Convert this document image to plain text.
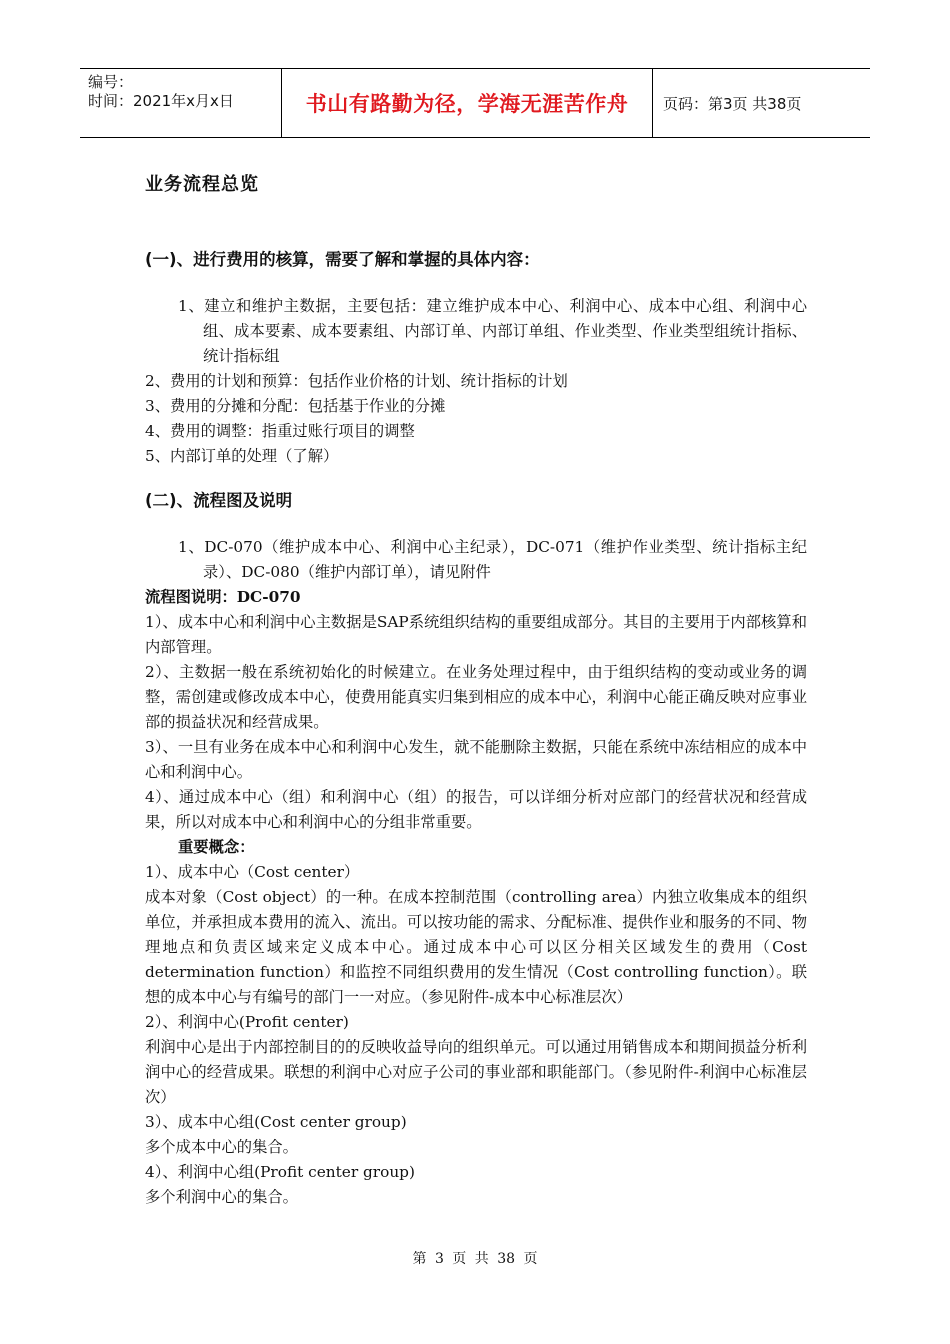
编号：
时间：2021年x月x日	书山有路勤为径，学海无涯苦作舟	页码：第3页 共38页
业务流程总览
(一)、进行费用的核算，需要了解和掌握的具体内容：

1、建立和维护主数据，主要包括：建立维护成本中心、利润中心、成本中心组、利润中心组、成本要素、成本要素组、内部订单、内部订单组、作业类型、作业类型组统计指标、统计指标组

2、费用的计划和预算：包括作业价格的计划、统计指标的计划

3、费用的分摊和分配：包括基于作业的分摊

4、费用的调整：指重过账行项目的调整

5、内部订单的处理（了解）

(二)、流程图及说明

1、DC-070（维护成本中心、利润中心主纪录），DC-071（维护作业类型、统计指标主纪录）、DC-080（维护内部订单），请见附件

流程图说明：DC-070

1）、成本中心和利润中心主数据是SAP系统组织结构的重要组成部分。其目的主要用于内部核算和内部管理。

2）、主数据一般在系统初始化的时候建立。在业务处理过程中，由于组织结构的变动或业务的调整，需创建或修改成本中心，使费用能真实归集到相应的成本中心，利润中心能正确反映对应事业部的损益状况和经营成果。

3）、一旦有业务在成本中心和利润中心发生，就不能删除主数据，只能在系统中冻结相应的成本中心和利润中心。

4）、通过成本中心（组）和利润中心（组）的报告，可以详细分析对应部门的经营状况和经营成果，所以对成本中心和利润中心的分组非常重要。

重要概念：

1）、成本中心（Cost center）

成本对象（Cost object）的一种。在成本控制范围（controlling area）内独立收集成本的组织单位，并承担成本费用的流入、流出。可以按功能的需求、分配标准、提供作业和服务的不同、物理地点和负责区域来定义成本中心。通过成本中心可以区分相关区域发生的费用（Cost determination function）和监控不同组织费用的发生情况（Cost controlling function）。联想的成本中心与有编号的部门一一对应。（参见附件-成本中心标准层次）

2）、利润中心(Profit center)

利润中心是出于内部控制目的的反映收益导向的组织单元。可以通过用销售成本和期间损益分析利润中心的经营成果。联想的利润中心对应子公司的事业部和职能部门。（参见附件-利润中心标准层次）

3）、成本中心组(Cost center group)

多个成本中心的集合。

4）、利润中心组(Profit center group)

多个利润中心的集合。

第 3 页 共 38 页
